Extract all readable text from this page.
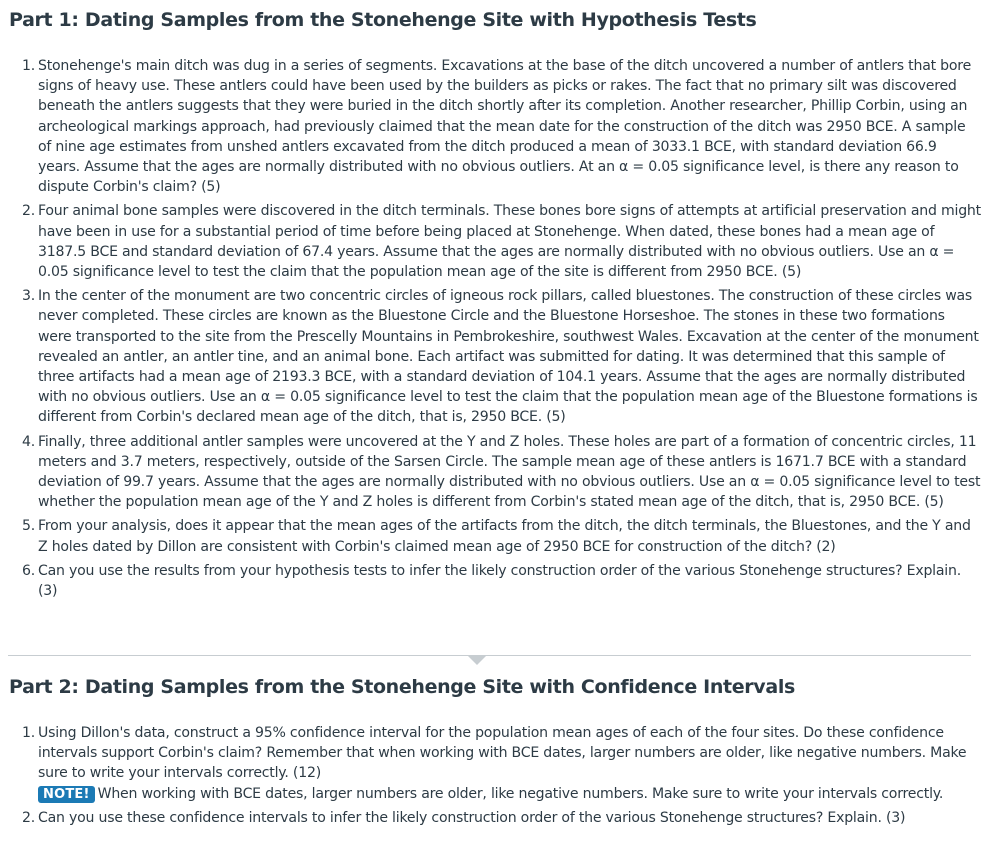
Part 1: Dating Samples from the Stonehenge Site with Hypothesis Tests
1. Stonehenge's main ditch was dug in a series of segments. Excavations at the base of the ditch uncovered a number of antlers that bore signs of heavy use. These antlers could have been used by the builders as picks or rakes. The fact that no primary silt was discovered beneath the antlers suggests that they were buried in the ditch shortly after its completion. Another researcher, Phillip Corbin, using an archeological markings approach, had previously claimed that the mean date for the construction of the ditch was 2950 BCE. A sample of nine age estimates from unshed antlers excavated from the ditch produced a mean of 3033.1 BCE, with standard deviation 66.9 years. Assume that the ages are normally distributed with no obvious outliers. At an α = 0.05 significance level, is there any reason to dispute Corbin's claim? (5)
2. Four animal bone samples were discovered in the ditch terminals. These bones bore signs of attempts at artificial preservation and might have been in use for a substantial period of time before being placed at Stonehenge. When dated, these bones had a mean age of 3187.5 BCE and standard deviation of 67.4 years. Assume that the ages are normally distributed with no obvious outliers. Use an α = 0.05 significance level to test the claim that the population mean age of the site is different from 2950 BCE. (5)
3. In the center of the monument are two concentric circles of igneous rock pillars, called bluestones. The construction of these circles was never completed. These circles are known as the Bluestone Circle and the Bluestone Horseshoe. The stones in these two formations were transported to the site from the Prescelly Mountains in Pembrokeshire, southwest Wales. Excavation at the center of the monument revealed an antler, an antler tine, and an animal bone. Each artifact was submitted for dating. It was determined that this sample of three artifacts had a mean age of 2193.3 BCE, with a standard deviation of 104.1 years. Assume that the ages are normally distributed with no obvious outliers. Use an α = 0.05 significance level to test the claim that the population mean age of the Bluestone formations is different from Corbin's declared mean age of the ditch, that is, 2950 BCE. (5)
4. Finally, three additional antler samples were uncovered at the Y and Z holes. These holes are part of a formation of concentric circles, 11 meters and 3.7 meters, respectively, outside of the Sarsen Circle. The sample mean age of these antlers is 1671.7 BCE with a standard deviation of 99.7 years. Assume that the ages are normally distributed with no obvious outliers. Use an α = 0.05 significance level to test whether the population mean age of the Y and Z holes is different from Corbin's stated mean age of the ditch, that is, 2950 BCE. (5)
5. From your analysis, does it appear that the mean ages of the artifacts from the ditch, the ditch terminals, the Bluestones, and the Y and Z holes dated by Dillon are consistent with Corbin's claimed mean age of 2950 BCE for construction of the ditch? (2)
6. Can you use the results from your hypothesis tests to infer the likely construction order of the various Stonehenge structures? Explain. (3)
Part 2: Dating Samples from the Stonehenge Site with Confidence Intervals
1. Using Dillon's data, construct a 95% confidence interval for the population mean ages of each of the four sites. Do these confidence intervals support Corbin's claim? Remember that when working with BCE dates, larger numbers are older, like negative numbers. Make sure to write your intervals correctly. (12)
NOTE! When working with BCE dates, larger numbers are older, like negative numbers. Make sure to write your intervals correctly.
2. Can you use these confidence intervals to infer the likely construction order of the various Stonehenge structures? Explain. (3)
